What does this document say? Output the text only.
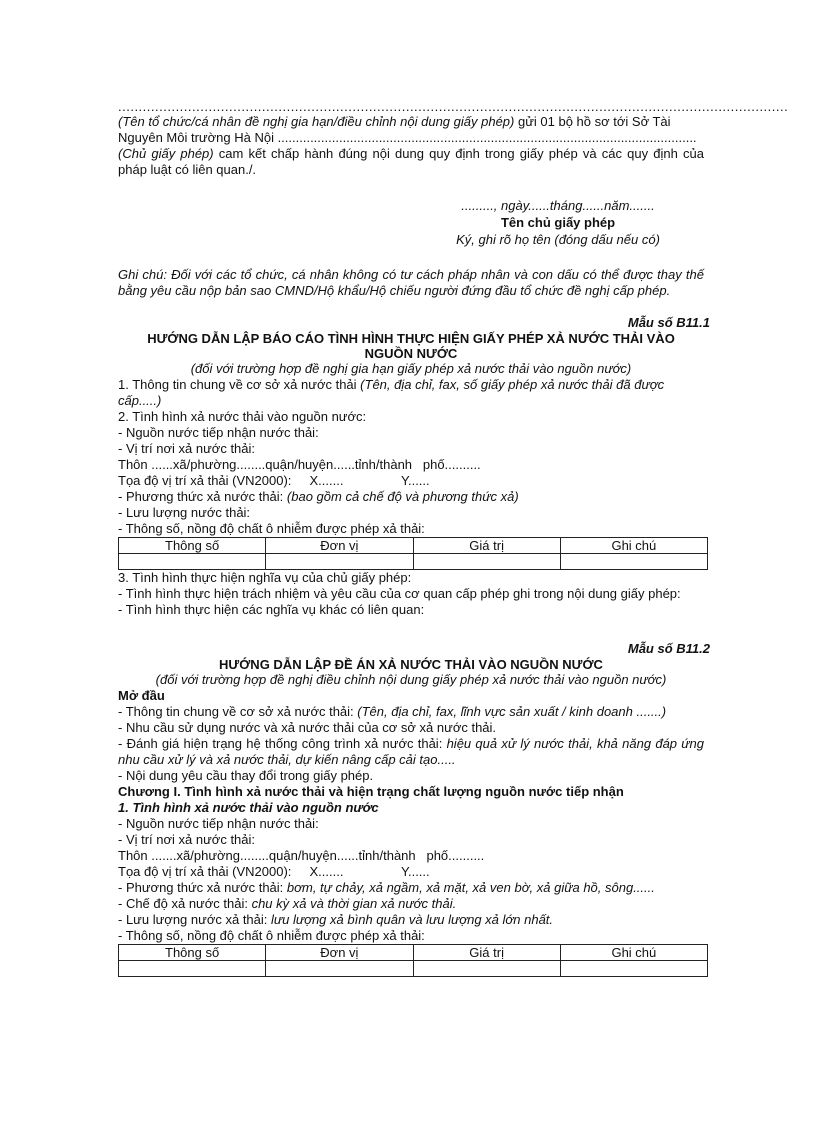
...................................................................................................................................................................

(Tên tổ chức/cá nhân đề nghị gia hạn/điều chỉnh nội dung giấy phép) gửi 01 bộ hồ sơ tới Sở Tài
Nguyên Môi trường Hà Nội ....................................................................................................................

(Chủ giấy phép) cam kết chấp hành đúng nội dung quy định trong giấy phép và các quy định của pháp luật có liên quan./.

........., ngày......tháng......năm.......

Tên chủ giấy phép

Ký, ghi rõ họ tên (đóng dấu nếu có)

Ghi chú: Đối với các tổ chức, cá nhân không có tư cách pháp nhân và con dấu có thể được thay thế bằng yêu cầu nộp bản sao CMND/Hộ khẩu/Hộ chiếu người đứng đầu tổ chức đề nghị cấp phép.

Mẫu số B11.1

HƯỚNG DẪN LẬP BÁO CÁO TÌNH HÌNH THỰC HIỆN GIẤY PHÉP XẢ NƯỚC THẢI VÀO NGUỒN NƯỚC

(đối với trường hợp đề nghị gia hạn giấy phép xả nước thải vào nguồn nước)

1. Thông tin chung về cơ sở xả nước thải (Tên, địa chỉ, fax, số giấy phép xả nước thải đã được cấp.....)

2. Tình hình xả nước thải vào nguồn nước:

- Nguồn nước tiếp nhận nước thải:

- Vị trí nơi xả nước thải:

Thôn ......xã/phường........quận/huyện......tỉnh/thành   phố..........

Tọa độ vị trí xả thải (VN2000):     X.......                Y......

- Phương thức xả nước thải: (bao gồm cả chế độ và phương thức xả)

- Lưu lượng nước thải:

- Thông số, nồng độ chất ô nhiễm được phép xả thải:

Thông số	Đơn vị	Giá trị	Ghi chú

3. Tình hình thực hiện nghĩa vụ của chủ giấy phép:

- Tình hình thực hiện trách nhiệm và yêu cầu của cơ quan cấp phép ghi trong nội dung giấy phép:

- Tình hình thực hiện các nghĩa vụ khác có liên quan:

Mẫu số B11.2

HƯỚNG DẪN LẬP ĐỀ ÁN XẢ NƯỚC THẢI VÀO NGUỒN NƯỚC

(đối với trường hợp đề nghị điều chỉnh nội dung giấy phép xả nước thải vào nguồn nước)

Mở đầu

- Thông tin chung về cơ sở xả nước thải: (Tên, địa chỉ, fax, lĩnh vực sản xuất / kinh doanh .......)

- Nhu cầu sử dụng nước và xả nước thải của cơ sở xả nước thải.

- Đánh giá hiện trạng hệ thống công trình xả nước thải: hiệu quả xử lý nước thải, khả năng đáp ứng nhu cầu xử lý và xả nước thải, dự kiến nâng cấp cải tạo.....

- Nội dung yêu cầu thay đổi trong giấy phép.

Chương I. Tình hình xả nước thải và hiện trạng chất lượng nguồn nước tiếp nhận

1. Tình hình xả nước thải vào nguồn nước

- Nguồn nước tiếp nhận nước thải:

- Vị trí nơi xả nước thải:

Thôn .......xã/phường........quận/huyện......tỉnh/thành   phố..........

Tọa độ vị trí xả thải (VN2000):     X.......                Y......

- Phương thức xả nước thải: bơm, tự chảy, xả ngầm, xả mặt, xả ven bờ, xả giữa hồ, sông......

- Chế độ xả nước thải: chu kỳ xả và thời gian xả nước thải.

- Lưu lượng nước xả thải: lưu lượng xả bình quân và lưu lượng xả lớn nhất.

- Thông số, nồng độ chất ô nhiễm được phép xả thải:

Thông số	Đơn vị	Giá trị	Ghi chú
